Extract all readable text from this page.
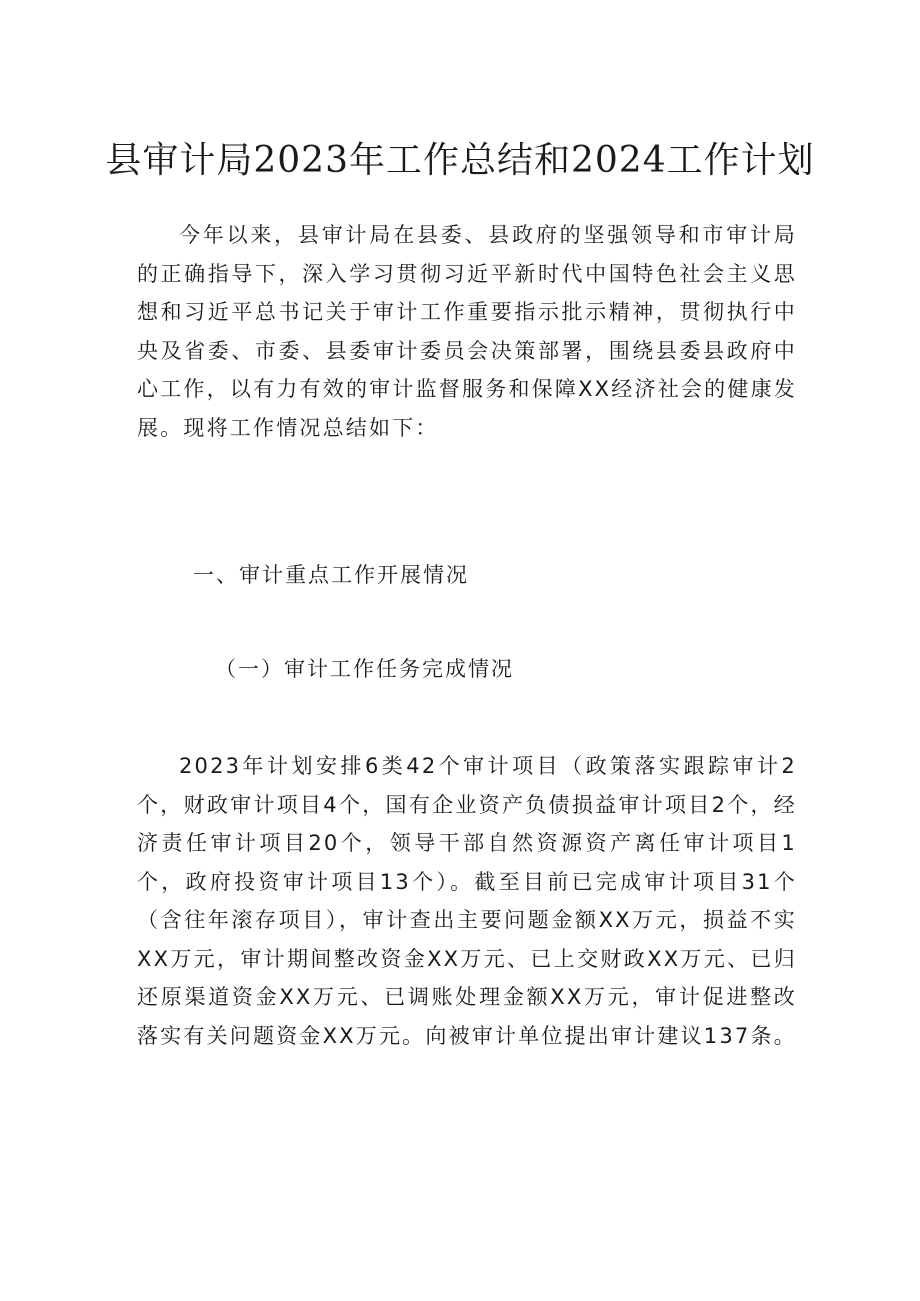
县审计局2023年工作总结和2024工作计划
今年以来，县审计局在县委、县政府的坚强领导和市审计局的正确指导下，深入学习贯彻习近平新时代中国特色社会主义思想和习近平总书记关于审计工作重要指示批示精神，贯彻执行中央及省委、市委、县委审计委员会决策部署，围绕县委县政府中心工作，以有力有效的审计监督服务和保障XX经济社会的健康发展。现将工作情况总结如下：
一、审计重点工作开展情况
（一）审计工作任务完成情况
2023年计划安排6类42个审计项目（政策落实跟踪审计2个，财政审计项目4个，国有企业资产负债损益审计项目2个，经济责任审计项目20个，领导干部自然资源资产离任审计项目1个，政府投资审计项目13个）。截至目前已完成审计项目31个（含往年滚存项目），审计查出主要问题金额XX万元，损益不实XX万元，审计期间整改资金XX万元、已上交财政XX万元、已归还原渠道资金XX万元、已调账处理金额XX万元，审计促进整改落实有关问题资金XX万元。向被审计单位提出审计建议137条。
